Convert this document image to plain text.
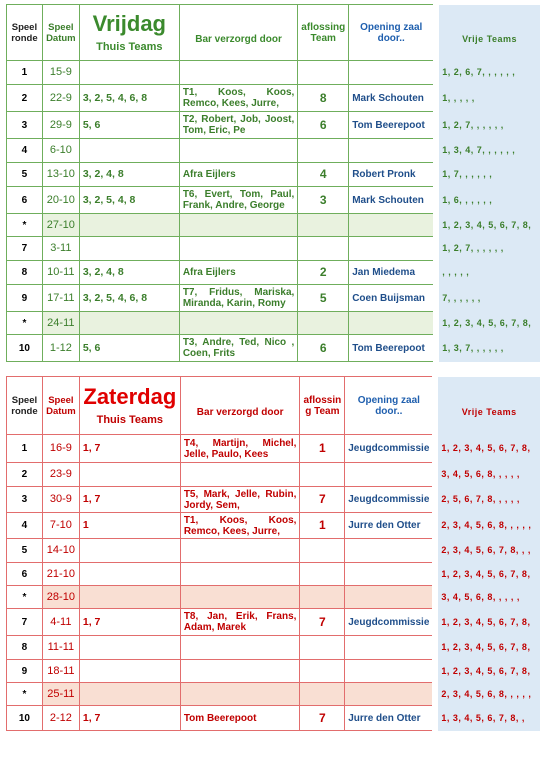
Speel ronde	Speel Datum	Vrijdag
Thuis Teams	Bar verzorgd door	aflossing Team	Opening zaal door..	Vrije Teams
1	15-9					1, 2, 6, 7, , , , , ,
2	22-9	3, 2, 5, 4, 6, 8	T1, Koos, Koos, Remco, Kees, Jurre,	8	Mark Schouten	1, , , , ,
3	29-9	5, 6	T2, Robert, Job, Joost, Tom, Eric, Pe	6	Tom Beerepoot	1, 2, 7, , , , , ,
4	6-10					1, 3, 4, 7, , , , , ,
5	13-10	3, 2, 4, 8	Afra Eijlers	4	Robert Pronk	1, 7, , , , , ,
6	20-10	3, 2, 5, 4, 8	T6, Evert, Tom, Paul, Frank, Andre, George	3	Mark Schouten	1, 6, , , , , ,
*	27-10					1, 2, 3, 4, 5, 6, 7, 8,
7	3-11					1, 2, 7, , , , , ,
8	10-11	3, 2, 4, 8	Afra Eijlers	2	Jan Miedema	, , , , ,
9	17-11	3, 2, 5, 4, 6, 8	T7, Fridus, Mariska, Miranda, Karin, Romy	5	Coen Buijsman	7, , , , , ,
*	24-11					1, 2, 3, 4, 5, 6, 7, 8,
10	1-12	5, 6	T3, Andre, Ted, Nico , Coen, Frits	6	Tom Beerepoot	1, 3, 7, , , , , ,
Speel ronde	Speel Datum	Zaterdag
Thuis Teams	Bar verzorgd door	aflossin g Team	Opening zaal door..	Vrije Teams
1	16-9	1, 7	T4, Martijn, Michel, Jelle, Paulo, Kees	1	Jeugdcommissie	1, 2, 3, 4, 5, 6, 7, 8,
2	23-9					3, 4, 5, 6, 8, , , , ,
3	30-9	1, 7	T5, Mark, Jelle, Rubin, Jordy, Sem,	7	Jeugdcommissie	2, 5, 6, 7, 8, , , , ,
4	7-10	1	T1, Koos, Koos, Remco, Kees, Jurre,	1	Jurre den Otter	2, 3, 4, 5, 6, 8, , , , ,
5	14-10					2, 3, 4, 5, 6, 7, 8, , ,
6	21-10					1, 2, 3, 4, 5, 6, 7, 8,
*	28-10					3, 4, 5, 6, 8, , , , ,
7	4-11	1, 7	T8, Jan, Erik, Frans, Adam, Marek	7	Jeugdcommissie	1, 2, 3, 4, 5, 6, 7, 8,
8	11-11					1, 2, 3, 4, 5, 6, 7, 8,
9	18-11					1, 2, 3, 4, 5, 6, 7, 8,
*	25-11					2, 3, 4, 5, 6, 8, , , , ,
10	2-12	1, 7	Tom Beerepoot	7	Jurre den Otter	1, 3, 4, 5, 6, 7, 8, ,
